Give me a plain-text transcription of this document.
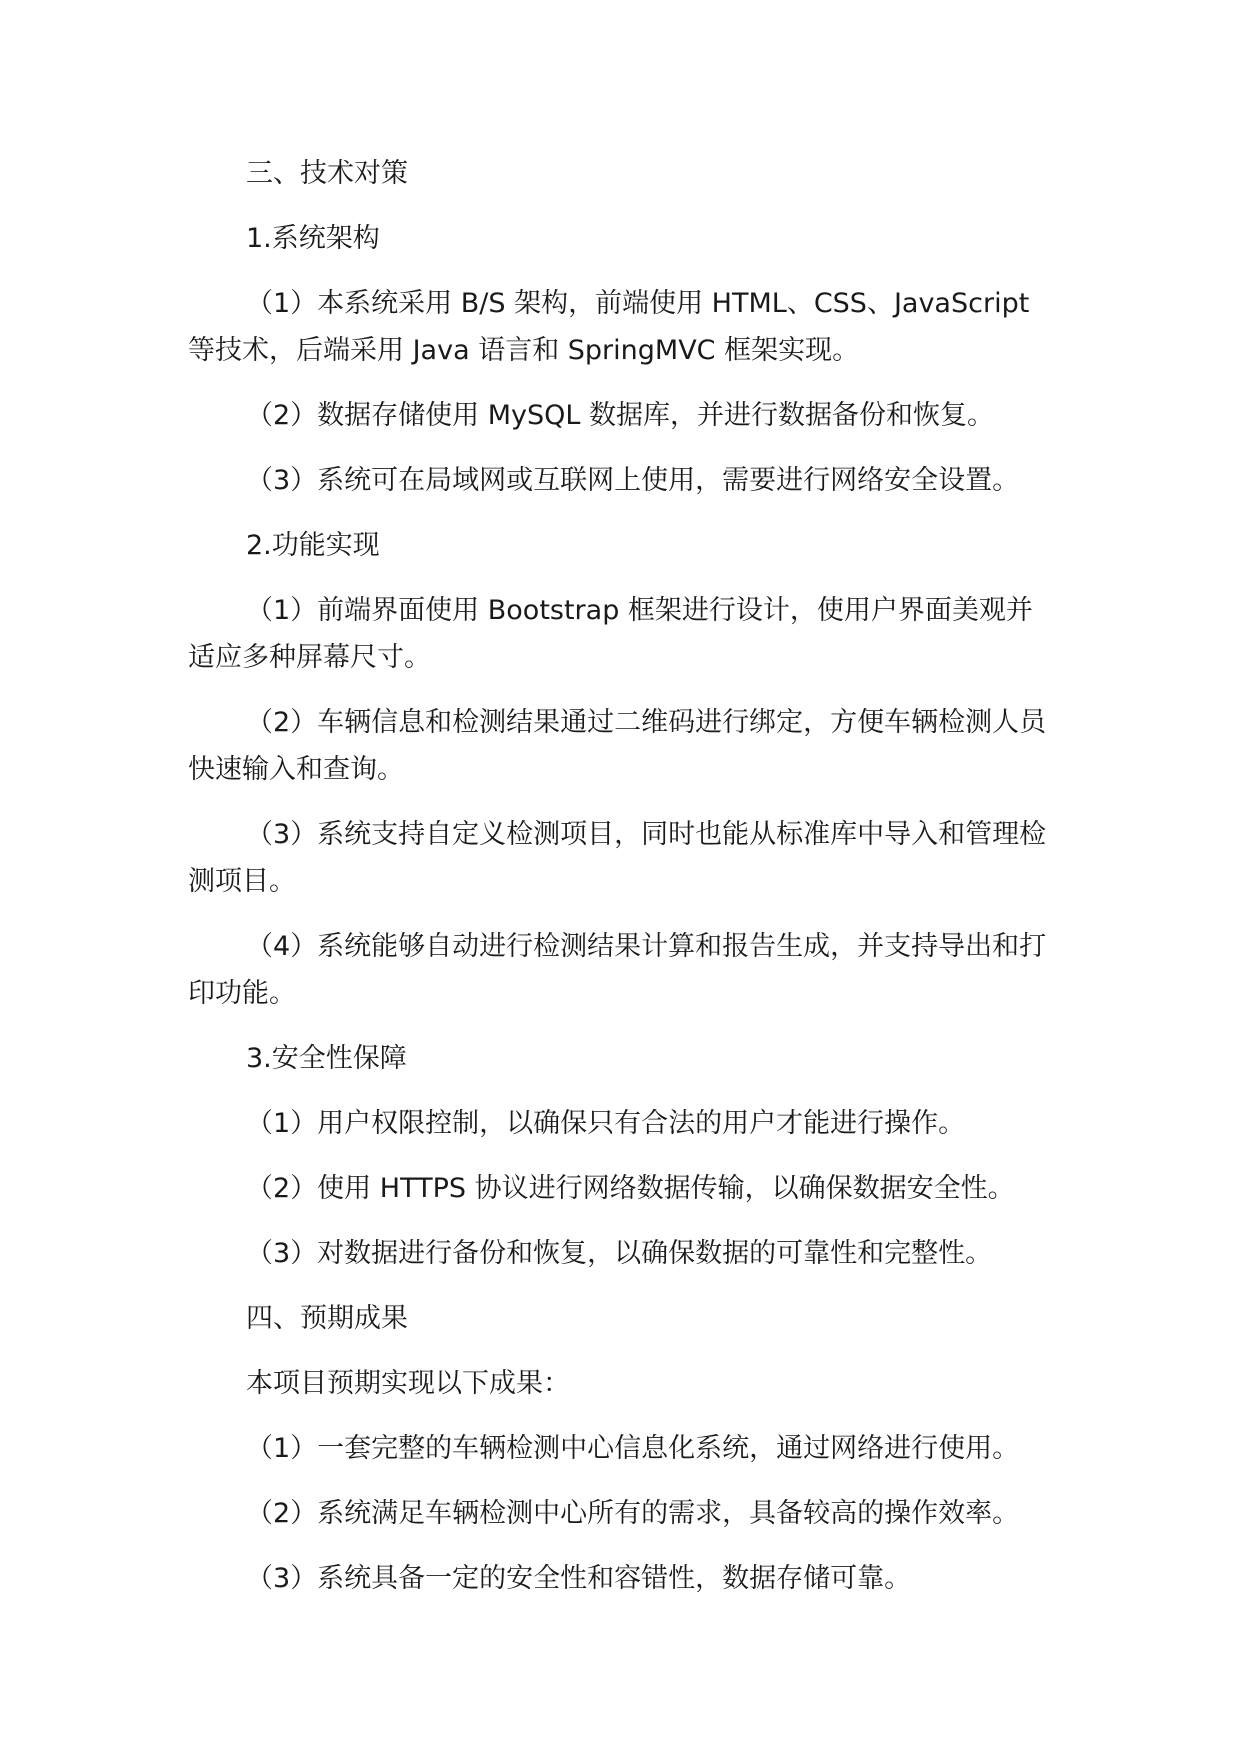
三、技术对策

1.系统架构

（1）本系统采用 B/S 架构，前端使用 HTML、CSS、JavaScript 等技术，后端采用 Java 语言和 SpringMVC 框架实现。

（2）数据存储使用 MySQL 数据库，并进行数据备份和恢复。

（3）系统可在局域网或互联网上使用，需要进行网络安全设置。

2.功能实现

（1）前端界面使用 Bootstrap 框架进行设计，使用户界面美观并适应多种屏幕尺寸。

（2）车辆信息和检测结果通过二维码进行绑定，方便车辆检测人员快速输入和查询。

（3）系统支持自定义检测项目，同时也能从标准库中导入和管理检测项目。

（4）系统能够自动进行检测结果计算和报告生成，并支持导出和打印功能。

3.安全性保障

（1）用户权限控制，以确保只有合法的用户才能进行操作。

（2）使用 HTTPS 协议进行网络数据传输，以确保数据安全性。

（3）对数据进行备份和恢复，以确保数据的可靠性和完整性。

四、预期成果

本项目预期实现以下成果：

（1）一套完整的车辆检测中心信息化系统，通过网络进行使用。

（2）系统满足车辆检测中心所有的需求，具备较高的操作效率。

（3）系统具备一定的安全性和容错性，数据存储可靠。
